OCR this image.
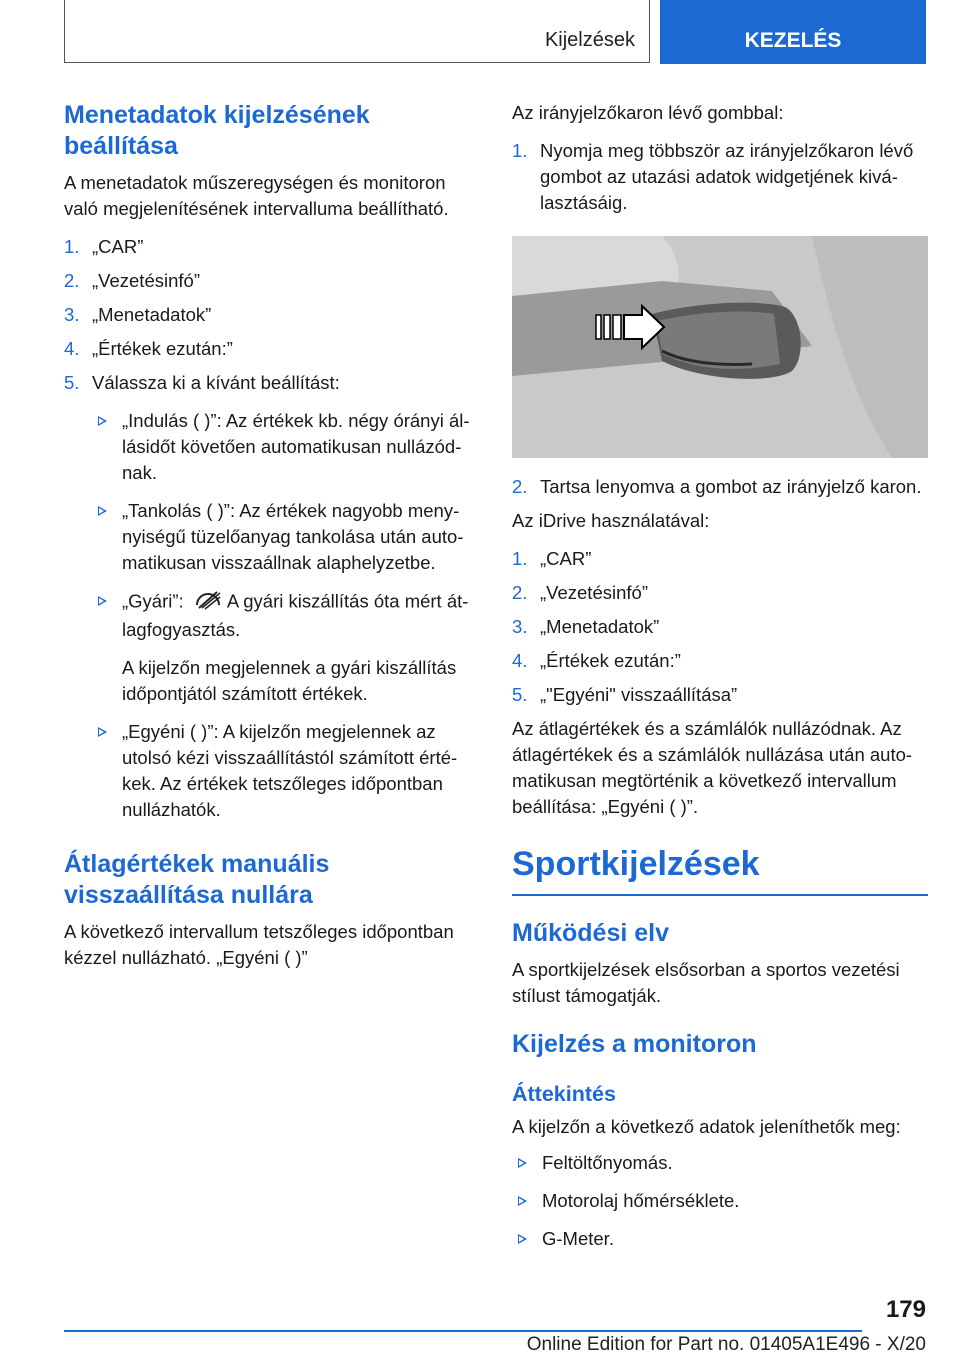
Kijelzések	KEZELÉS
Menetadatok kijelzésének beállítása

A menetadatok műszeregységen és monitoron való megjelenítésének intervalluma beállítható.

1. „CAR”
2. „Vezetésinfó”
3. „Menetadatok”
4. „Értékek ezután:”
5. Válassza ki a kívánt beállítást:
„Indulás ( )”: Az értékek kb. négy órányi állásidőt követően automatikusan nullázódnak.
„Tankolás ( )”: Az értékek nagyobb menynyiségű tüzelőanyag tankolása után automatikusan visszaállnak alaphelyzetbe.
„Gyári”: A gyári kiszállítás óta mért átlagfogyasztás.

A kijelzőn megjelennek a gyári kiszállítás időpontjától számított értékek.

„Egyéni ( )”: A kijelzőn megjelennek az utolsó kézi visszaállítástól számított értékek. Az értékek tetszőleges időpontban nullázhatók.
Átlagértékek manuális visszaállítása nullára

A következő intervallum tetszőleges időpontban kézzel nullázható. „Egyéni ( )”

Az irányjelzőkaron lévő gombbal:

1. Nyomja meg többször az irányjelzőkaron lévő gombot az utazási adatok widgetjének kiválasztásáig.
2. Tartsa lenyomva a gombot az irányjelző karon.

Az iDrive használatával:

1. „CAR”
2. „Vezetésinfó”
3. „Menetadatok”
4. „Értékek ezután:”
5. „"Egyéni" visszaállítása”

Az átlagértékek és a számlálók nullázódnak. Az átlagértékek és a számlálók nullázása után automatikusan megtörténik a következő intervallum beállítása: „Egyéni ( )”.

Sportkijelzések
Működési elv

A sportkijelzések elsősorban a sportos vezetési stílust támogatják.

Kijelzés a monitoron
Áttekintés

A kijelzőn a következő adatok jeleníthetők meg:

Feltöltőnyomás.
Motorolaj hőmérséklete.
G-Meter.
179
Online Edition for Part no. 01405A1E496 - X/20
